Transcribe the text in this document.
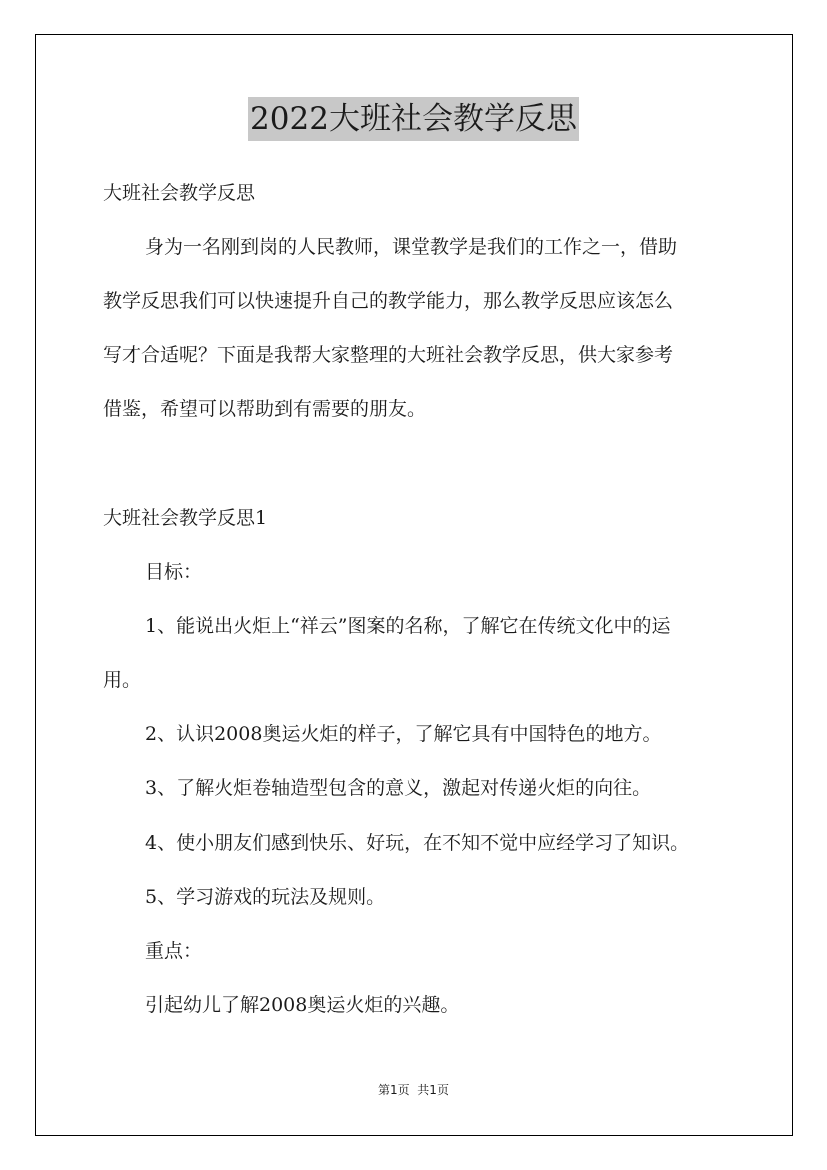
2022大班社会教学反思
大班社会教学反思
身为一名刚到岗的人民教师，课堂教学是我们的工作之一，借助
教学反思我们可以快速提升自己的教学能力，那么教学反思应该怎么
写才合适呢？下面是我帮大家整理的大班社会教学反思，供大家参考
借鉴，希望可以帮助到有需要的朋友。
大班社会教学反思1
目标：
1、能说出火炬上“祥云”图案的名称，了解它在传统文化中的运
用。
2、认识2008奥运火炬的样子，了解它具有中国特色的地方。
3、了解火炬卷轴造型包含的意义，激起对传递火炬的向往。
4、使小朋友们感到快乐、好玩，在不知不觉中应经学习了知识。
5、学习游戏的玩法及规则。
重点：
引起幼儿了解2008奥运火炬的兴趣。
第1页  共1页
